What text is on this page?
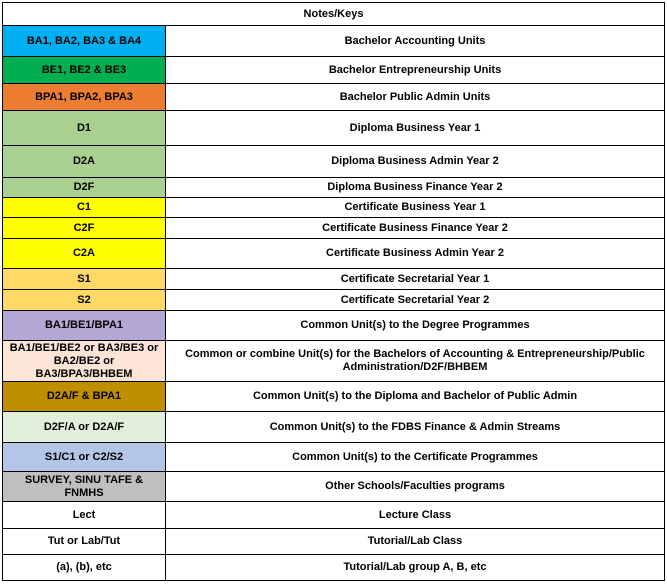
Notes/Keys	

BA1, BA2, BA3 & BA4	Bachelor Accounting Units

BE1, BE2 & BE3	Bachelor Entrepreneurship Units

BPA1, BPA2, BPA3	Bachelor Public Admin Units

D1	Diploma Business Year 1

D2A	Diploma Business Admin Year 2

D2F	Diploma Business Finance Year 2

C1	Certificate Business Year 1

C2F	Certificate Business Finance Year 2

C2A	Certificate Business Admin Year 2

S1	Certificate Secretarial Year 1

S2	Certificate Secretarial Year 2

BA1/BE1/BPA1	Common Unit(s) to the Degree Programmes

BA1/BE1/BE2 or BA3/BE3 or BA2/BE2 or BA3/BPA3/BHBEM	Common or combine Unit(s) for the Bachelors of Accounting & Entrepreneurship/Public Administration/D2F/BHBEM

D2A/F & BPA1	Common Unit(s) to the Diploma and Bachelor of Public Admin

D2F/A or D2A/F	Common Unit(s) to the FDBS Finance & Admin Streams

S1/C1 or C2/S2	Common Unit(s) to the Certificate Programmes

SURVEY, SINU TAFE & FNMHS	Other Schools/Faculties programs

Lect	Lecture Class

Tut or Lab/Tut	Tutorial/Lab Class

(a), (b), etc	Tutorial/Lab group A, B, etc
